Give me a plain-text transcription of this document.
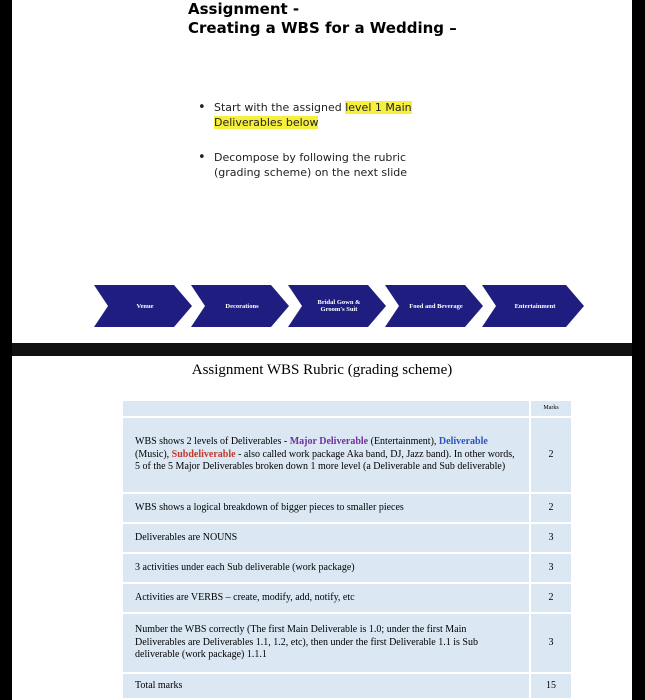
Assignment -
Creating a WBS for a Wedding –
• Start with the assigned level 1 Main
Deliverables below
• Decompose by following the rubric
(grading scheme) on the next slide
Venue	Decorations	Bridal Gown & Groom's Suit	Food and Beverage	Entertainment
Assignment WBS Rubric (grading scheme)
	Marks
WBS shows 2 levels of Deliverables - Major Deliverable (Entertainment), Deliverable (Music), Subdeliverable - also called work package Aka band, DJ, Jazz band). In other words, 5 of the 5 Major Deliverables broken down 1 more level (a Deliverable and Sub deliverable)	2
WBS shows a logical breakdown of bigger pieces to smaller pieces	2
Deliverables are NOUNS	3
3 activities under each Sub deliverable (work package)	3
Activities are VERBS – create, modify, add, notify, etc	2
Number the WBS correctly (The first Main Deliverable is 1.0; under the first Main Deliverables are Deliverables 1.1, 1.2, etc), then under the first Deliverable 1.1 is Sub deliverable (work package) 1.1.1	3
Total marks	15
